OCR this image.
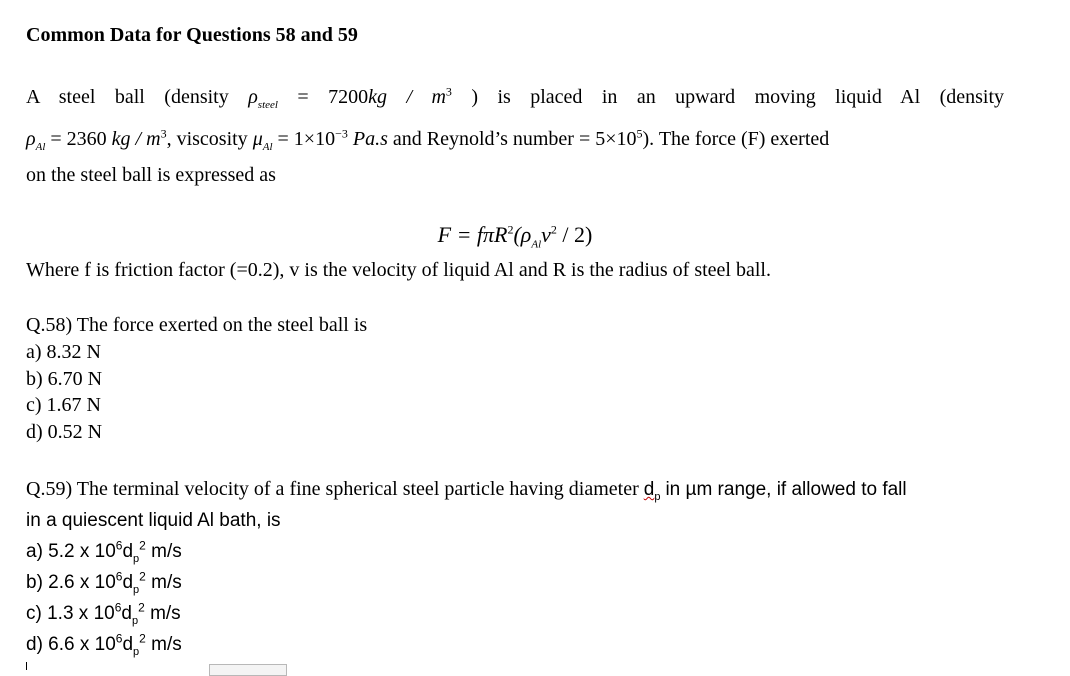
Common Data for Questions 58 and 59
A steel ball (density $\rho_{steel} = 7200kg / m^3$ ) is placed in an upward moving liquid Al (density
$\rho_{Al} = 2360$ kg / $m^3$, viscosity $\mu_{Al} = 1\times 10^{-3}$ Pa.s and Reynold’s number = $5\times 10^5$). The force (F) exerted
on the steel ball is expressed as
$F = f\pi R^2(\rho_{Al}v^2 / 2)$
Where f is friction factor (=0.2), v is the velocity of liquid Al and R is the radius of steel ball.
Q.58) The force exerted on the steel ball is
a) 8.32 N
b) 6.70 N
c) 1.67 N
d) 0.52 N
Q.59) The terminal velocity of a fine spherical steel particle having diameter $d_p$ in µm range, if allowed to fall
in a quiescent liquid Al bath, is
a) 5.2 x $10^6d_p^2$ m/s
b) 2.6 x $10^6d_p^2$ m/s
c) 1.3 x $10^6d_p^2$ m/s
d) 6.6 x $10^6d_p^2$ m/s
